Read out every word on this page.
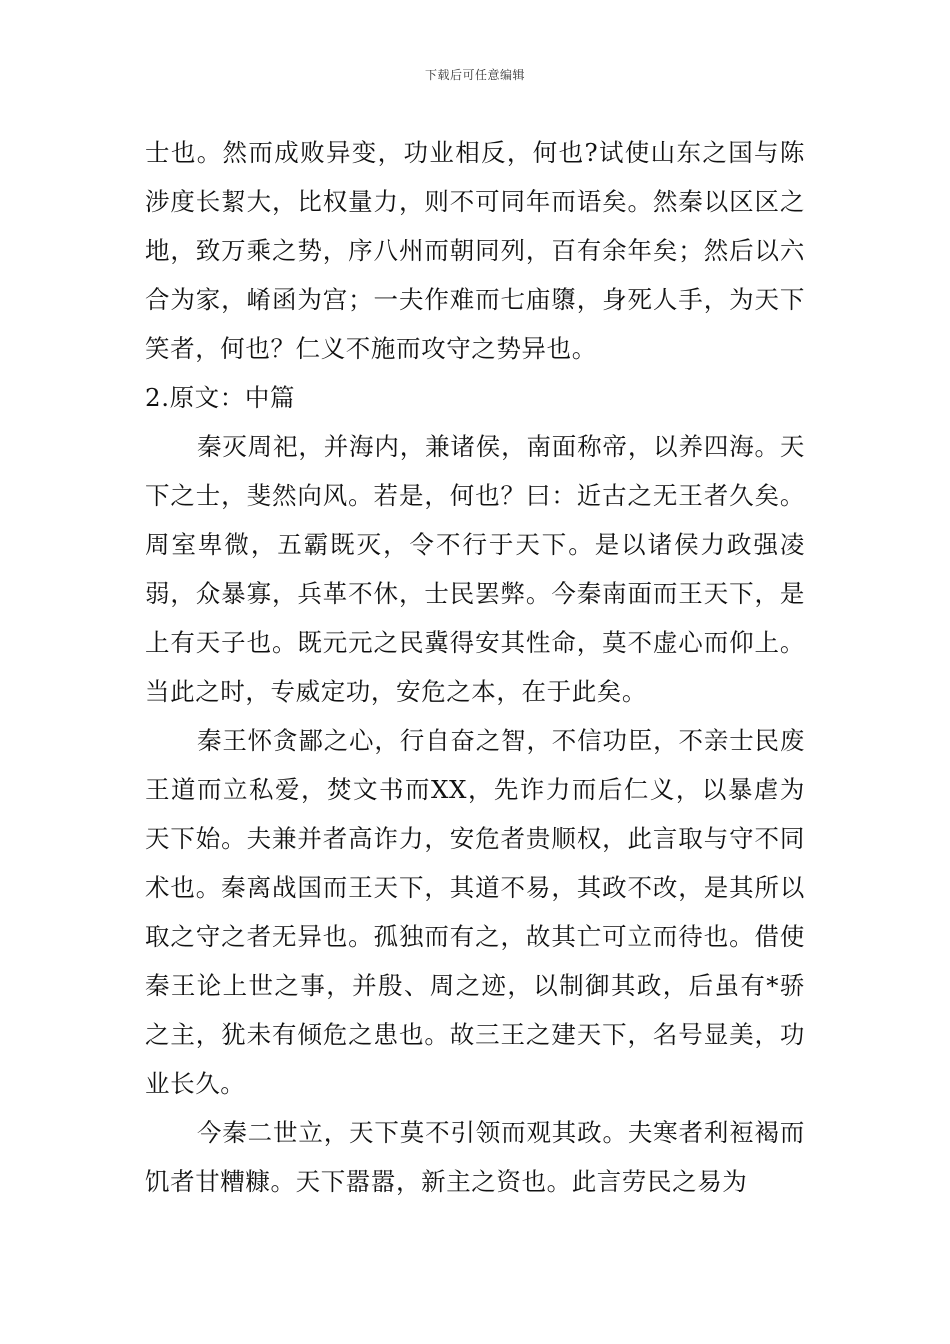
下载后可任意编辑

士也。然而成败异变，功业相反，何也?试使山东之国与陈涉度长絜大，比权量力，则不可同年而语矣。然秦以区区之地，致万乘之势，序八州而朝同列，百有余年矣；然后以六合为家，崤函为宫；一夫作难而七庙隳，身死人手，为天下笑者，何也？仁义不施而攻守之势异也。

2.原文：中篇

秦灭周祀，并海内，兼诸侯，南面称帝，以养四海。天下之士，斐然向风。若是，何也？曰：近古之无王者久矣。周室卑微，五霸既灭，令不行于天下。是以诸侯力政强凌弱，众暴寡，兵革不休，士民罢弊。今秦南面而王天下，是上有天子也。既元元之民冀得安其性命，莫不虚心而仰上。当此之时，专威定功，安危之本，在于此矣。

秦王怀贪鄙之心，行自奋之智，不信功臣，不亲士民废王道而立私爱，焚文书而XX，先诈力而后仁义，以暴虐为天下始。夫兼并者高诈力，安危者贵顺权，此言取与守不同术也。秦离战国而王天下，其道不易，其政不改，是其所以取之守之者无异也。孤独而有之，故其亡可立而待也。借使秦王论上世之事，并殷、周之迹，以制御其政，后虽有*骄之主，犹未有倾危之患也。故三王之建天下，名号显美，功业长久。

今秦二世立，天下莫不引领而观其政。夫寒者利裋褐而饥者甘糟糠。天下嚣嚣，新主之资也。此言劳民之易为
